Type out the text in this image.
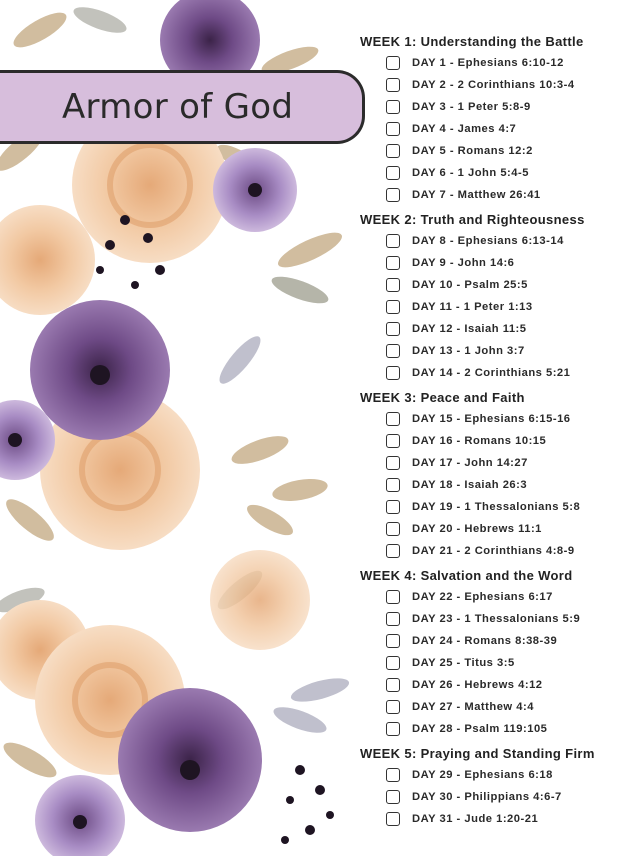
Armor of God
WEEK 1: Understanding the Battle
DAY 1 - Ephesians 6:10-12
DAY 2 - 2 Corinthians 10:3-4
DAY 3 - 1 Peter 5:8-9
DAY 4 - James 4:7
DAY 5 - Romans 12:2
DAY 6 - 1 John 5:4-5
DAY 7 - Matthew 26:41
WEEK 2: Truth and Righteousness
DAY 8 - Ephesians 6:13-14
DAY 9 - John 14:6
DAY 10 - Psalm 25:5
DAY 11 - 1 Peter 1:13
DAY 12 - Isaiah 11:5
DAY 13 - 1 John 3:7
DAY 14 - 2 Corinthians 5:21
WEEK 3: Peace and Faith
DAY 15 - Ephesians 6:15-16
DAY 16 - Romans 10:15
DAY 17 - John 14:27
DAY 18 - Isaiah 26:3
DAY 19 - 1 Thessalonians 5:8
DAY 20 - Hebrews 11:1
DAY 21 - 2 Corinthians 4:8-9
WEEK 4: Salvation and the Word
DAY 22 - Ephesians 6:17
DAY 23 - 1 Thessalonians 5:9
DAY 24 - Romans 8:38-39
DAY 25 - Titus 3:5
DAY 26 - Hebrews 4:12
DAY 27 - Matthew 4:4
DAY 28 - Psalm 119:105
WEEK 5: Praying and Standing Firm
DAY 29 - Ephesians 6:18
DAY 30 - Philippians 4:6-7
DAY 31 - Jude 1:20-21
